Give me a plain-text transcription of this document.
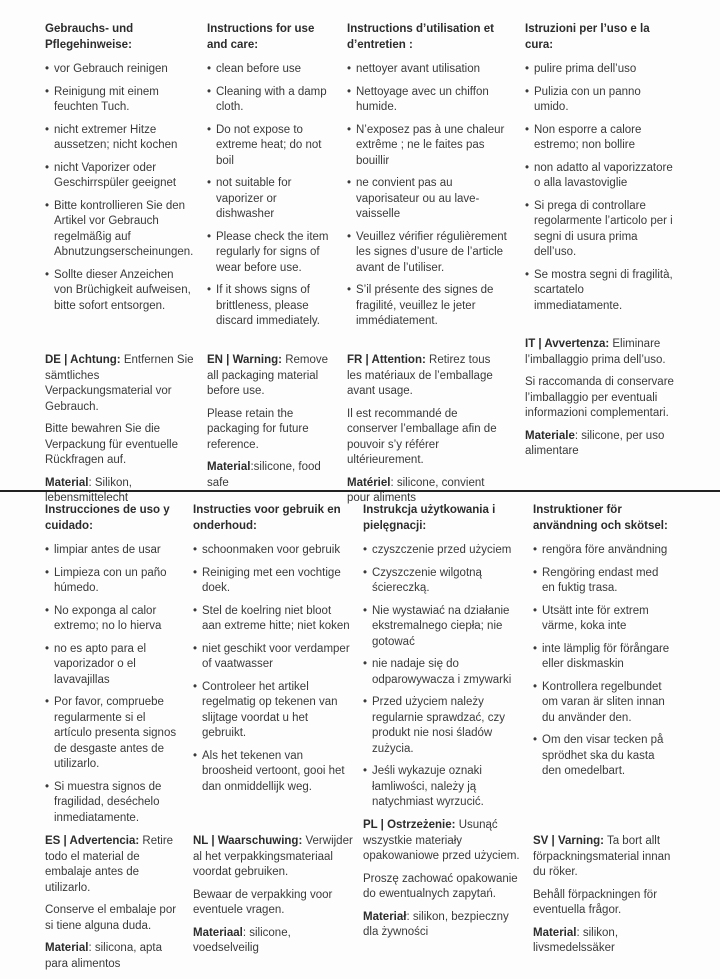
Gebrauchs- und Pflegehinweise:

• vor Gebrauch reinigen
• Reinigung mit einem feuchten Tuch.
• nicht extremer Hitze aussetzen; nicht kochen
• nicht Vaporizer oder Geschirrspüler geeignet
• Bitte kontrollieren Sie den Artikel vor Gebrauch regelmäßig auf Abnutzungserscheinungen.
• Sollte dieser Anzeichen von Brüchigkeit aufweisen, bitte sofort entsorgen.

Instructions for use and care:

• clean before use
• Cleaning with a damp cloth.
• Do not expose to extreme heat; do not boil
• not suitable for vaporizer or dishwasher
• Please check the item regularly for signs of wear before use.
• If it shows signs of brittleness, please discard immediately.

Instructions d’utilisation et d’entretien :

• nettoyer avant utilisation
• Nettoyage avec un chiffon humide.
• N’exposez pas à une chaleur extrême ; ne le faites pas bouillir
• ne convient pas au vaporisateur ou au lave-vaisselle
• Veuillez vérifier régulièrement les signes d’usure de l’article avant de l’utiliser.
• S’il présente des signes de fragilité, veuillez le jeter immédiatement.

Istruzioni per l’uso e la cura:

• pulire prima dell’uso
• Pulizia con un panno umido.
• Non esporre a calore estremo; non bollire
• non adatto al vaporizzatore o alla lavastoviglie
• Si prega di controllare regolarmente l’articolo per i segni di usura prima dell’uso.
• Se mostra segni di fragilità, scartatelo immediatamente.

DE | Achtung: Entfernen Sie sämtliches Verpackungsmaterial vor Gebrauch.

Bitte bewahren Sie die Verpackung für eventuelle Rückfragen auf.

Material: Silikon, lebensmittelecht

EN | Warning: Remove all packaging material before use.

Please retain the packaging for future reference.

Material:silicone, food safe

FR | Attention: Retirez tous les matériaux de l’emballage avant usage.

Il est recommandé de conserver l’emballage afin de pouvoir s’y référer ultérieurement.

Matériel: silicone, convient pour aliments

IT | Avvertenza: Eliminare l’imballaggio prima dell’uso.

Si raccomanda di conservare l’imballaggio per eventuali informazioni complementari.

Materiale: silicone, per uso alimentare

Instrucciones de uso y cuidado:

• limpiar antes de usar
• Limpieza con un paño húmedo.
• No exponga al calor extremo; no lo hierva
• no es apto para el vaporizador o el lavavajillas
• Por favor, compruebe regularmente si el artículo presenta signos de desgaste antes de utilizarlo.
• Si muestra signos de fragilidad, deséchelo inmediatamente.

Instructies voor gebruik en onderhoud:

• schoonmaken voor gebruik
• Reiniging met een vochtige doek.
• Stel de koelring niet bloot aan extreme hitte; niet koken
• niet geschikt voor verdamper of vaatwasser
• Controleer het artikel regelmatig op tekenen van slijtage voordat u het gebruikt.
• Als het tekenen van broosheid vertoont, gooi het dan onmiddellijk weg.

Instrukcja użytkowania i pielęgnacji:

• czyszczenie przed użyciem
• Czyszczenie wilgotną ściereczką.
• Nie wystawiać na działanie ekstremalnego ciepła; nie gotować
• nie nadaje się do odparowywacza i zmywarki
• Przed użyciem należy regularnie sprawdzać, czy produkt nie nosi śladów zużycia.
• Jeśli wykazuje oznaki łamliwości, należy ją natychmiast wyrzucić.

Instruktioner för användning och skötsel:

• rengöra före användning
• Rengöring endast med en fuktig trasa.
• Utsätt inte för extrem värme, koka inte
• inte lämplig för förångare eller diskmaskin
• Kontrollera regelbundet om varan är sliten innan du använder den.
• Om den visar tecken på sprödhet ska du kasta den omedelbart.

ES | Advertencia: Retire todo el material de embalaje antes de utilizarlo.

Conserve el embalaje por si tiene alguna duda.

Material: silicona, apta para alimentos

NL | Waarschuwing: Verwijder al het verpakkingsmateriaal voordat gebruiken.

Bewaar de verpakking voor eventuele vragen.

Materiaal: silicone, voedselveilig

PL | Ostrzeżenie: Usunąć wszystkie materiały opakowaniowe przed użyciem.

Proszę zachować opakowanie do ewentualnych zapytań.

Materiał: silikon, bezpieczny dla żywności

SV | Varning: Ta bort allt förpackningsmaterial innan du röker.

Behåll förpackningen för eventuella frågor.

Material: silikon, livsmedelssäker
